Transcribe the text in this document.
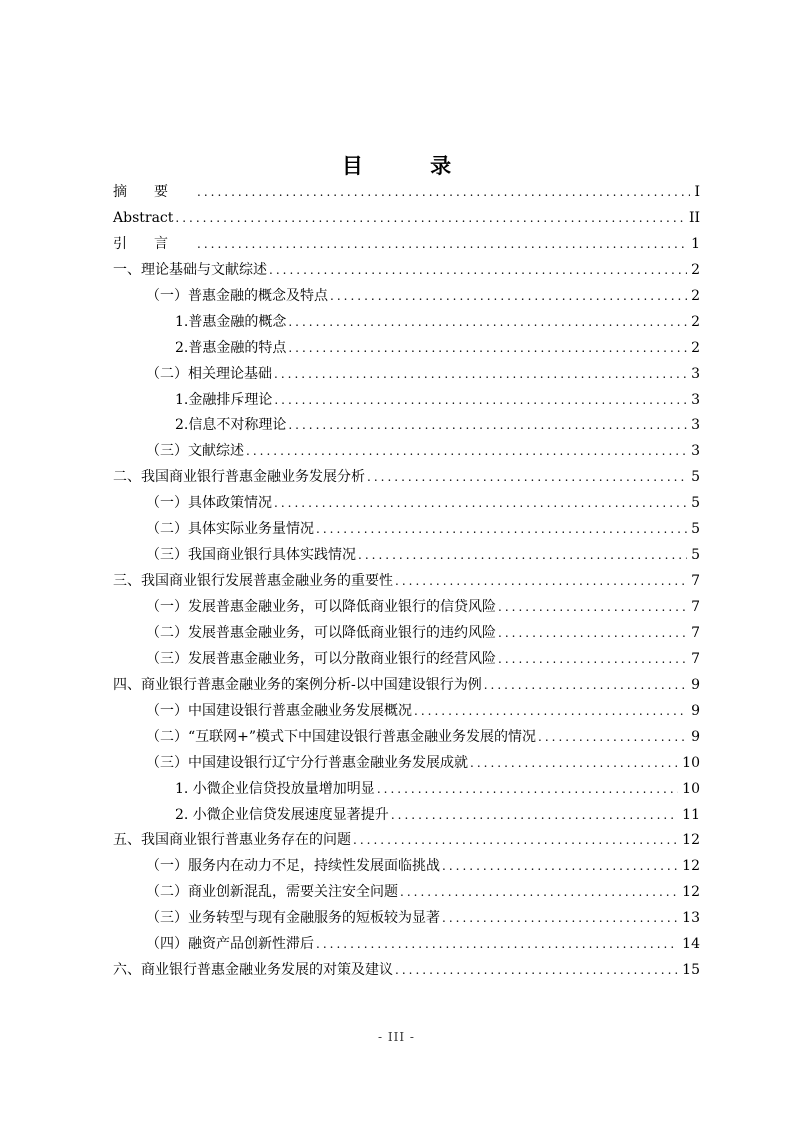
目 录
摘要 .....	I
Abstract .....	II
引言 .....	1
一、理论基础与文献综述 .....	2
（一）普惠金融的概念及特点 .....	2
1.普惠金融的概念 .....	2
2.普惠金融的特点 .....	2
（二）相关理论基础 .....	3
1.金融排斥理论 .....	3
2.信息不对称理论 .....	3
（三）文献综述 .....	3
二、我国商业银行普惠金融业务发展分析 .....	5
（一）具体政策情况 .....	5
（二）具体实际业务量情况 .....	5
（三）我国商业银行具体实践情况 .....	5
三、我国商业银行发展普惠金融业务的重要性 .....	7
（一）发展普惠金融业务，可以降低商业银行的信贷风险 .....	7
（二）发展普惠金融业务，可以降低商业银行的违约风险 .....	7
（三）发展普惠金融业务，可以分散商业银行的经营风险 .....	7
四、商业银行普惠金融业务的案例分析-以中国建设银行为例 .....	9
（一）中国建设银行普惠金融业务发展概况 .....	9
（二）“互联网+”模式下中国建设银行普惠金融业务发展的情况 .....	9
（三）中国建设银行辽宁分行普惠金融业务发展成就 .....	10
1. 小微企业信贷投放量增加明显 .....	10
2. 小微企业信贷发展速度显著提升 .....	11
五、我国商业银行普惠业务存在的问题 .....	12
（一）服务内在动力不足，持续性发展面临挑战 .....	12
（二）商业创新混乱，需要关注安全问题 .....	12
（三）业务转型与现有金融服务的短板较为显著 .....	13
（四）融资产品创新性滞后 .....	14
六、商业银行普惠金融业务发展的对策及建议 .....	15
- III -
